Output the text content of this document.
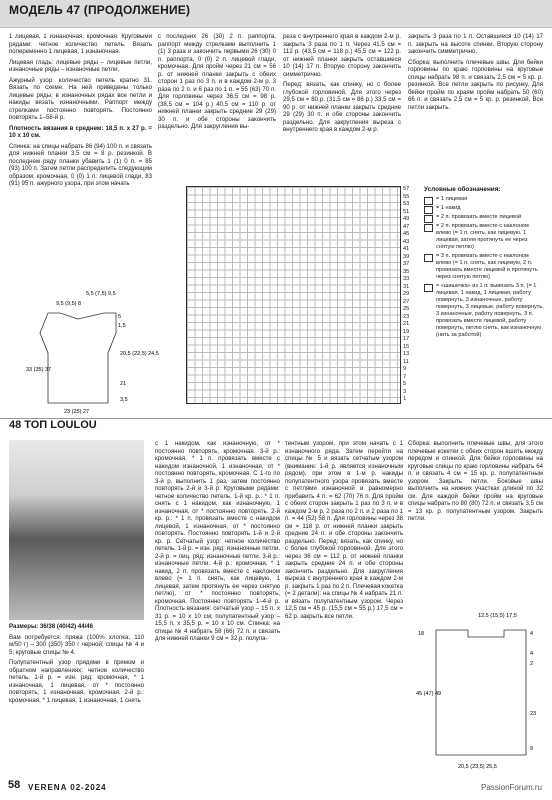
МОДЕЛЬ 47 (ПРОДОЛЖЕНИЕ)

1 лицевая, 1 изнаночная, кромочная. Круговыми рядами: четное количество петель. Вязать попеременно 1 лицевая, 1 изнаночная.

Лицевая гладь: лицевые ряды – лицевые петли, изнаночные ряды – изнаночные петли.

Ажурный узор: количество петель кратно 31. Вязать по схеме. На ней приведены только лицевые ряды; в изнаночных рядах все петли и накиды вязать изнаночными. Раппорт между стрелками постоянно повторять. Постоянно повторять 1–58-й р.

Плотность вязания в среднем: 18,5 п. x 27 р. = 10 x 10 см.

Спинка: на спицы набрать 86 (94) 100 п. и связать для нижней планки 3,5 см = 8 р. резинкой. В последнем ряду планки убавить 1 (1) 0 п. = 85 (93) 100 п. Затем петли распределить следующим образом: кромочная, 0 (0) 1 п. лицевой глади, 83 (91) 95 п. ажурного узора, при этом начать

с последних 26 (30) 2 п. раппорта, раппорт между стрелками выполнить 1 (1) 3 раза и закончить первыми 26 (30) 0 п. раппорта, 0 (0) 2 п. лицевой глади, кромочная. Для пройм через 21 см = 56 р. от нижней планки закрыть с обеих сторон 1 раз по 3 п. и в каждом 2-м р. 3 раза по 2 п. и 6 раз по 1 п. = 55 (63) 70 п. Для горловины через 36,5 см = 98 р. (38,5 см = 104 р.) 40,5 см = 110 р. от нижней планки закрыть средние 29 (29) 30 п. и обе стороны закончить раздельно. Для закругления вы-

реза с внутреннего края в каждом 2-м р. закрыть 3 раза по 1 п. Через 41,5 см = 112 р. (43,5 см = 118 р.) 45,5 см = 122 р. от нижней планки закрыть оставшиеся 10 (14) 17 п. Вторую сторону закончить симметрично.

Перед: вязать, как спинку, но с более глубокой горловиной. Для этого через 29,5 см = 80 р. (31,5 см = 86 р.) 33,5 см = 90 р. от нижней планки закрыть средние 29 (29) 30 п. и обе стороны закончить раздельно. Для закругления выреза с внутреннего края в каждом 2-м р.

закрыть 3 раза по 1 п. Оставшиеся 10 (14) 17 п. закрыть на высоте спинки. Вторую сторону закончить симметрично.

Сборка: выполнить плечевые швы. Для бейки горловины по краю горловины на круговые спицы набрать 98 п. и связать 2,5 см = 5 кр. р. резинкой. Все петли закрыть по рисунку. Для бейки пройм по краям пройм набрать 50 (60) 66 п. и связать 2,5 см = 5 кр. р. резинкой. Все петли закрыть.

5,5 (7,5) 9,5
9,5 (9,5) 8
5
1,5
20,5 (22,5) 24,5
33 (35) 37
21
3,5
23 (25) 27
57
55
53
51
49
47
45
43
41
39
37
35
33
31
29
27
25
23
21
19
17
15
13
11
9
7
5
3
1

Условные обозначения:

= 1 лицевая
= 1 накид
= 2 п. провязать вместе лицевой
= 2 п. провязать вместе с наклоном влево (= 1 п. снять, как лицевую, 1 лицевая, затем протянуть ее через снятую петлю)
= 3 п. провязать вместе с наклоном влево (= 1 п. снять, как лицевую, 2 п. провязать вместе лицевой и протянуть через снятую петлю)
= «шишечка» из 1 п. вывязать 3 п. (= 1 лицевая, 1 накид, 1 лицевая, работу повернуть, 3 изнаночные, работу повернуть, 3 лицевые, работу повернуть, 3 изнаночные, работу повернуть, 3 п. провязать вместе лицевой, работу повернуть, петлю снять, как изнаночную (нить за работой)
48 ТОП LOULOU

Размеры: 36/38 (40/42) 44/46

Вам потребуется: пряжа (100% хлопка; 110 м/50 г) – 300 (350) 350 г черной; спицы № 4 и 5; круговые спицы № 4.

Полупатентный узор прядями в прямом и обратном направлениях: четное количество петель. 1-й р. = изн. ряд: кромочная, * 1 изнаночная, 1 лицевая, от * постоянно повторять, 1 изнаночная, кромочная. 2-й р.: кромочная, * 1 лицевая, 1 изнаночная, 1 снять

с 1 накидом, как изнаночную, от * постоянно повторять, кромочная. 3-й р.: кромочная, * 1 п. провязать вместе с накидом изнаночной, 1 изнаночная, от * постоянно повторять, кромочная. С 1-го по 3-й р. выполнить 1 раз, затем постоянно повторять 2-й и 3-й р. Круговыми рядами: четное количество петель. 1-й кр. р.: * 1 п. снять с 1 накидом, как изнаночную, 1 изнаночная, от * постоянно повторять. 2-й кр. р.: * 1 п. провязать вместе с накидом лицевой, 1 изнаночная, от * постоянно повторять. Постоянно повторять 1-й и 2-й кр. р. Сетчатый узор: четное количество петель. 1-й р. = изн. ряд: изнаночные петли. 2-й р. = лиц. ряд: изнаночные петли. 3-й р.: изнаночные петли. 4-й р.: кромочная, * 1 накид, 2 п. провязать вместе с наклоном влево (= 1 п. снять, как лицевую, 1 лицевая, затем протянуть ее через снятую петлю), от * постоянно повторять, кромочная. Постоянно повторять 1–4-й р. Плотность вязания: сетчатый узор – 15 п. x 31 р. = 10 x 10 см; полупатентный узор – 15,5 п. x 35,5 р. = 10 x 10 см. Спинка: на спицы № 4 набрать 58 (66) 72 п. и связать для нижней планки 9 см = 32 р. полупа-

тентным узором, при этом начать с 1 изнаночного ряда. Затем перейти на спицы № 5 и вязать сетчатым узором (внимание: 1-й р. является изнаночным рядом), при этом в 1-м р. накиды полупатентного узора провязать вместе с петлями изнаночной и равномерно прибавить 4 п. = 62 (70) 76 п. Для пройм с обеих сторон закрыть 1 раз по 3 п. и в каждом 2-м р. 2 раза по 2 п. и 2 раза по 1 п. = 44 (52) 58 п. Для горловины через 38 см = 118 р. от нижней планки закрыть средние 24 п. и обе стороны закончить раздельно. Перед: вязать, как спинку, но с более глубокой горловиной. Для этого через 36 см = 112 р. от нижней планки закрыть средние 24 п. и обе стороны закончить раздельно. Для закругления выреза с внутреннего края в каждом 2-м р. закрыть 1 раз по 2 п. Плечевая кокетка (= 2 детали): на спицы № 4 набрать 21 п. и вязать полупатентным узором. Через 12,5 см = 45 р. (15,5 см = 55 р.) 17,5 см = 62 р. закрыть все петли.

Сборка: выполнить плечевые швы, для этого плечевые кокетки с обеих сторон вшить между передом и спинкой. Для бейки горловины на круговые спицы по краю горловины набрать 64 п. и связать 4 см = 15 кр. р. полупатентным узором. Закрыть петли. Боковые швы выполнить на нижних участках длиной по 32 см. Для каждой бейки пройм на круговые спицы набрать по 80 (80) 72 п. и связать 3,5 см = 13 кр. р. полупатентным узором. Закрыть петли.

12,5 (15,5) 17,5
18	4
45 (47) 49
4
2
23
9
20,5 (23,5) 25,5
58 VERENA 02-2024	PassionForum.ru
